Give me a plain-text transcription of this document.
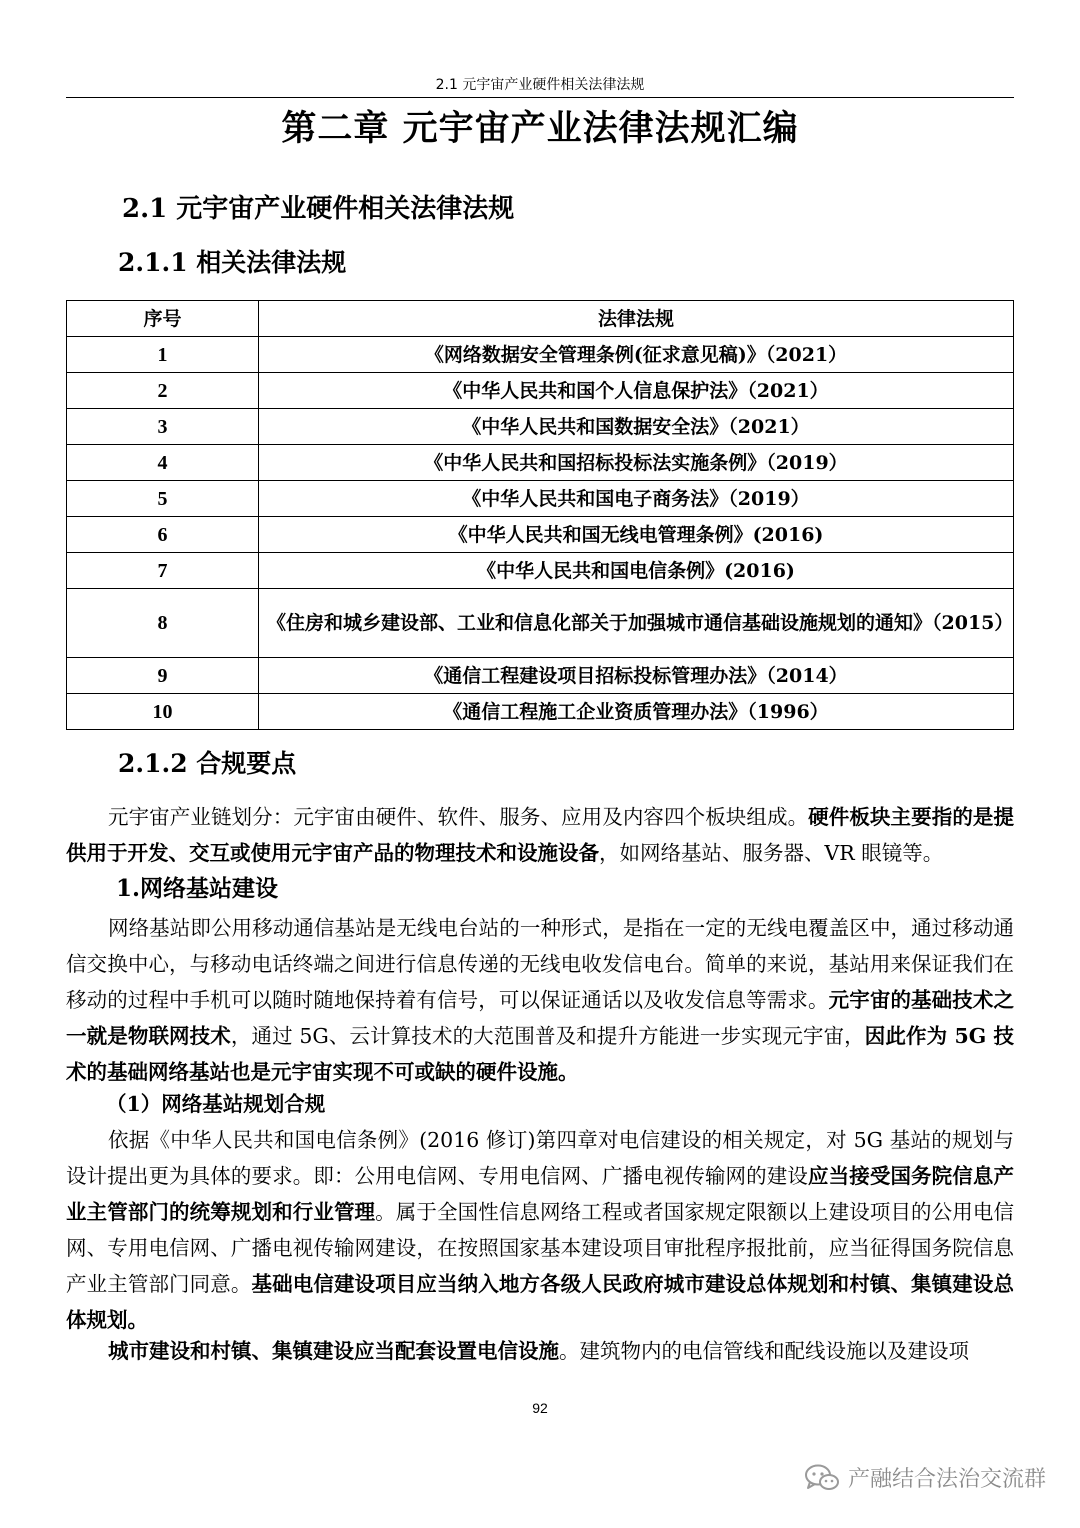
2.1 元宇宙产业硬件相关法律法规
第二章 元宇宙产业法律法规汇编
2.1 元宇宙产业硬件相关法律法规
2.1.1 相关法律法规
序号	法律法规
1	《网络数据安全管理条例(征求意见稿)》（2021）
2	《中华人民共和国个人信息保护法》（2021）
3	《中华人民共和国数据安全法》（2021）
4	《中华人民共和国招标投标法实施条例》（2019）
5	《中华人民共和国电子商务法》（2019）
6	《中华人民共和国无线电管理条例》(2016)
7	《中华人民共和国电信条例》(2016)
8	《住房和城乡建设部、工业和信息化部关于加强城市通信基础设施规划的通知》（2015）
9	《通信工程建设项目招标投标管理办法》（2014）
10	《通信工程施工企业资质管理办法》（1996）
2.1.2 合规要点
元宇宙产业链划分：元宇宙由硬件、软件、服务、应用及内容四个板块组成。硬件板块主要指的是提供用于开发、交互或使用元宇宙产品的物理技术和设施设备，如网络基站、服务器、VR 眼镜等。
1.网络基站建设
网络基站即公用移动通信基站是无线电台站的一种形式，是指在一定的无线电覆盖区中，通过移动通信交换中心，与移动电话终端之间进行信息传递的无线电收发信电台。简单的来说，基站用来保证我们在移动的过程中手机可以随时随地保持着有信号，可以保证通话以及收发信息等需求。元宇宙的基础技术之一就是物联网技术，通过 5G、云计算技术的大范围普及和提升方能进一步实现元宇宙，因此作为 5G 技术的基础网络基站也是元宇宙实现不可或缺的硬件设施。
（1）网络基站规划合规
依据《中华人民共和国电信条例》(2016 修订)第四章对电信建设的相关规定，对 5G 基站的规划与设计提出更为具体的要求。即：公用电信网、专用电信网、广播电视传输网的建设应当接受国务院信息产业主管部门的统筹规划和行业管理。属于全国性信息网络工程或者国家规定限额以上建设项目的公用电信网、专用电信网、广播电视传输网建设，在按照国家基本建设项目审批程序报批前，应当征得国务院信息产业主管部门同意。基础电信建设项目应当纳入地方各级人民政府城市建设总体规划和村镇、集镇建设总体规划。
城市建设和村镇、集镇建设应当配套设置电信设施。建筑物内的电信管线和配线设施以及建设项
92
产融结合法治交流群
